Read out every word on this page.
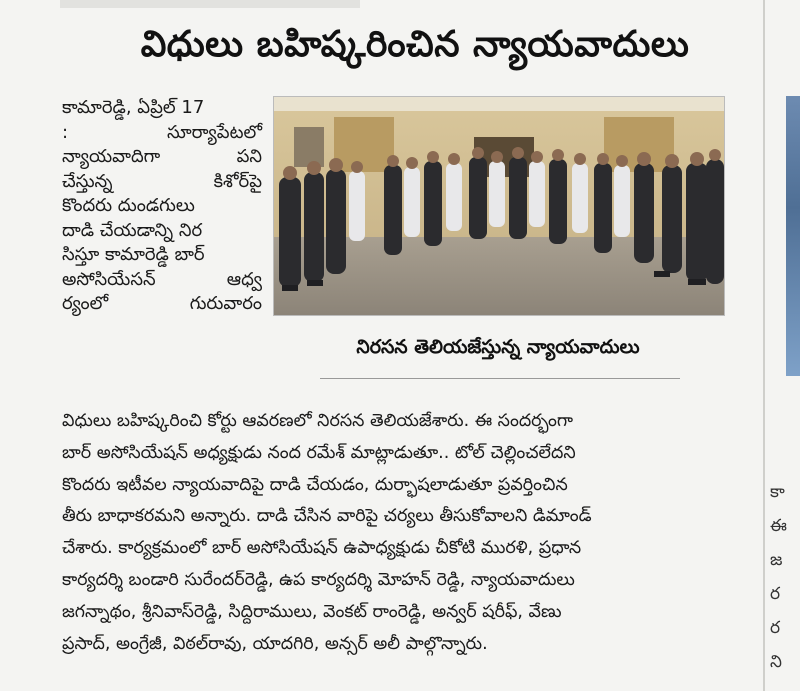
విధులు బహిష్కరించిన న్యాయవాదులు
కామారెడ్డి, ఏప్రిల్ 17
:	సూర్యాపేటలో
న్యాయవాదిగా	పని
చేస్తున్న	కిశోర్‌పై
కొందరు దుండగులు
దాడి చేయడాన్ని నిర
సిస్తూ కామారెడ్డి బార్
అసోసియేసన్	ఆధ్వ
ర్యంలో	గురువారం
నిరసన తెలియజేస్తున్న న్యాయవాదులు
విధులు బహిష్కరించి కోర్టు ఆవరణలో నిరసన తెలియజేశారు. ఈ సందర్భంగా
బార్ అసోసియేషన్ అధ్యక్షుడు నంద రమేశ్ మాట్లాడుతూ.. టోల్ చెల్లించలేదని
కొందరు ఇటీవల న్యాయవాదిపై దాడి చేయడం, దుర్భాషలాడుతూ ప్రవర్తించిన
తీరు బాధాకరమని అన్నారు. దాడి చేసిన వారిపై చర్యలు తీసుకోవాలని డిమాండ్
చేశారు. కార్యక్రమంలో బార్ అసోసియేషన్ ఉపాధ్యక్షుడు చీకోటి మురళి, ప్రధాన
కార్యదర్శి బండారి సురేందర్‌రెడ్డి, ఉప కార్యదర్శి మోహన్ రెడ్డి, న్యాయవాదులు
జగన్నాథం, శ్రీనివాస్‌రెడ్డి, సిద్దిరాములు, వెంకట్ రాంరెడ్డి, అన్వర్ షరీఫ్, వేణు
ప్రసాద్, అంగ్రేజీ, విఠల్‌రావు, యాదగిరి, అన్సర్ అలీ పాల్గొన్నారు.
కా
ఈ
జ
ర
ర
ని
